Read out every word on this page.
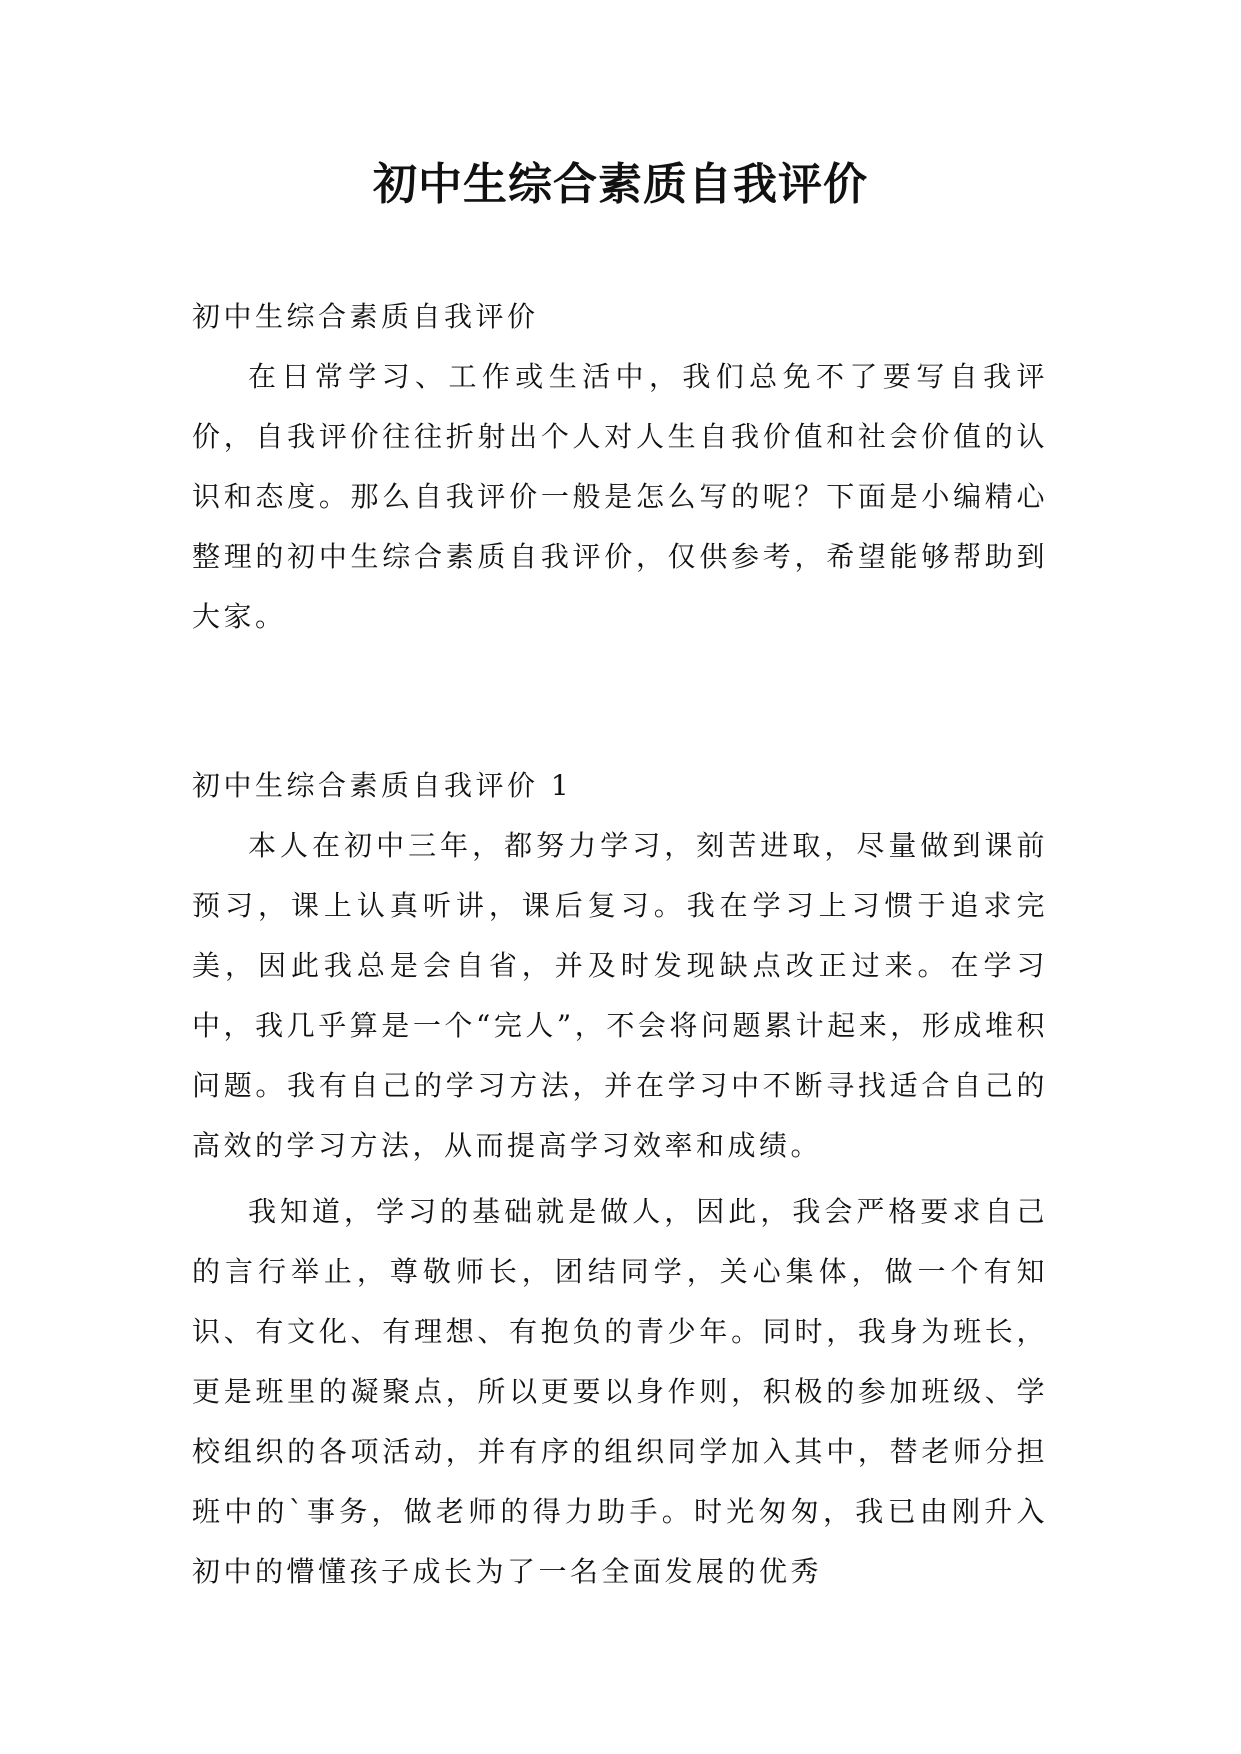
初中生综合素质自我评价

初中生综合素质自我评价

在日常学习、工作或生活中，我们总免不了要写自我评价，自我评价往往折射出个人对人生自我价值和社会价值的认识和态度。那么自我评价一般是怎么写的呢？下面是小编精心整理的初中生综合素质自我评价，仅供参考，希望能够帮助到大家。

初中生综合素质自我评价 1

本人在初中三年，都努力学习，刻苦进取，尽量做到课前预习，课上认真听讲，课后复习。我在学习上习惯于追求完美，因此我总是会自省，并及时发现缺点改正过来。在学习中，我几乎算是一个“完人”，不会将问题累计起来，形成堆积问题。我有自己的学习方法，并在学习中不断寻找适合自己的高效的学习方法，从而提高学习效率和成绩。

我知道，学习的基础就是做人，因此，我会严格要求自己的言行举止，尊敬师长，团结同学，关心集体，做一个有知识、有文化、有理想、有抱负的青少年。同时，我身为班长，更是班里的凝聚点，所以更要以身作则，积极的参加班级、学校组织的各项活动，并有序的组织同学加入其中，替老师分担班中的`事务，做老师的得力助手。时光匆匆，我已由刚升入初中的懵懂孩子成长为了一名全面发展的优秀
